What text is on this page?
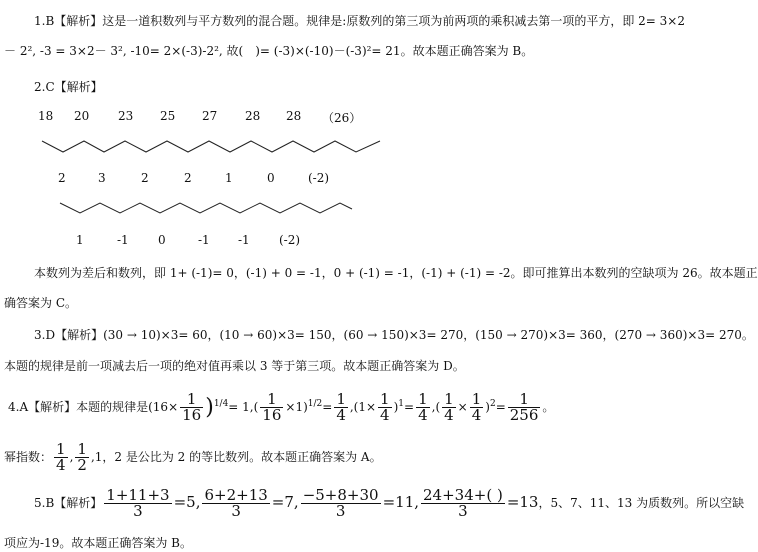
1.B【解析】这是一道积数列与平方数列的混合题。规律是:原数列的第三项为前两项的乘积减去第一项的平方，即 2= 3×2
－ 2², -3 = 3×2－ 3², -10= 2×(-3)-2², 故(　)= (-3)×(-10)－(-3)²= 21。故本题正确答案为 B。
2.C【解析】
18 20 23 25 27 28 28 （26）
2	3	2	2	1	0	(-2)
1	-1 0	-1 -1 (-2)
本数列为差后和数列，即 1+ (-1)= 0，(-1) + 0 = -1，0 + (-1) = -1，(-1) + (-1) = -2。即可推算出本数列的空缺项为 26。故本题正
确答案为 C。
3.D【解析】(30 → 10)×3= 60，(10 → 60)×3= 150，(60 → 150)×3= 270，(150 → 270)×3= 360，(270 → 360)×3= 270。
本题的规律是前一项减去后一项的绝对值再乘以 3 等于第三项。故本题正确答案为 D。
4.A【解析】本题的规律是$(16\times \frac{1}{16} )^{1/4}= 1,( \frac{1}{16} \times 1)^{1/2}= \frac{1}{4} ,(1\times \frac{1}{4} )^1= \frac{1}{4}$ ,( $\frac{1}{4} \times \frac{1}{4} )^2= \frac{1}{256}$ 。
幂指数： $\frac{1}{4}$ , $\frac{1}{2} ,1$，2 是公比为 2 的等比数列。故本题正确答案为 A。
5.B【解析】 $\frac{1+11+3}{3} =5$, $\frac{6+2+13}{3} =7$, $\frac{-5+8+30}{3} =11$, $\frac{24+34+( )}{3} =13$，5、7、11、13 为质数列。所以空缺
项应为-19。故本题正确答案为 B。
